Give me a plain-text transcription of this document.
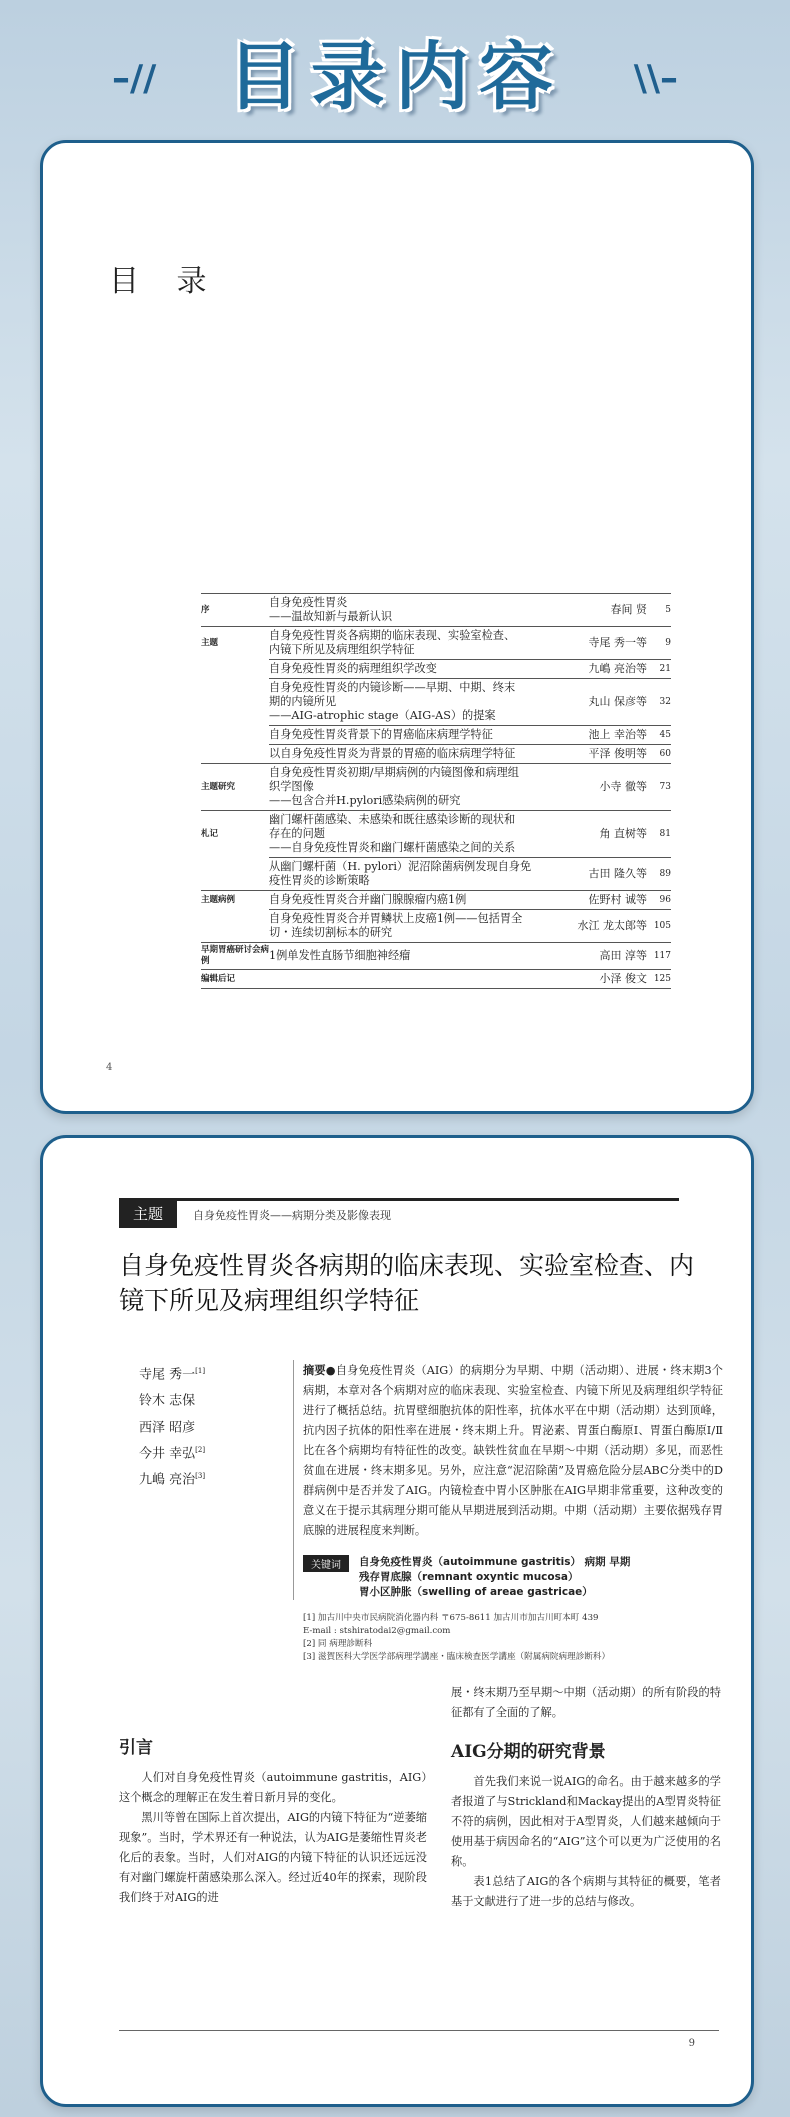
–// 目录内容	\\–
目 录
序	自身免疫性胃炎
——温故知新与最新认识	春间 贤	5
主题	自身免疫性胃炎各病期的临床表现、实验室检查、
内镜下所见及病理组织学特征	寺尾 秀一等	9

	自身免疫性胃炎的病理组织学改变	九嶋 亮治等	21

	自身免疫性胃炎的内镜诊断——早期、中期、终末
期的内镜所见
——AIG-atrophic stage（AIG-AS）的提案	丸山 保彦等	32

	自身免疫性胃炎背景下的胃癌临床病理学特征	池上 幸治等	45

	以自身免疫性胃炎为背景的胃癌的临床病理学特征	平泽 俊明等	60
主题研究	自身免疫性胃炎初期/早期病例的内镜图像和病理组
织学图像
——包含合并H.pylori感染病例的研究	小寺 徹等	73
札记	幽门螺杆菌感染、未感染和既往感染诊断的现状和
存在的问题
——自身免疫性胃炎和幽门螺杆菌感染之间的关系	角 直树等	81

	从幽门螺杆菌（H. pylori）泥沼除菌病例发现自身免
疫性胃炎的诊断策略	古田 隆久等	89
主题病例	自身免疫性胃炎合并幽门腺腺瘤内癌1例	佐野村 诚等	96

	自身免疫性胃炎合并胃鳞状上皮癌1例——包括胃全
切・连续切割标本的研究	水江 龙太郎等	105
早期胃癌研讨会病例	1例单发性直肠节细胞神经瘤	高田 淳等	117
编辑后记		小泽 俊文	125
4
主题	自身免疫性胃炎——病期分类及影像表现
自身免疫性胃炎各病期的临床表现、实验室检查、内镜下所见及病理组织学特征
寺尾 秀一[1]
铃木 志保
西泽 昭彦
今井 幸弘[2]
九嶋 亮治[3]

摘要●自身免疫性胃炎（AIG）的病期分为早期、中期（活动期）、进展・终末期3个病期，本章对各个病期对应的临床表现、实验室检查、内镜下所见及病理组织学特征进行了概括总结。抗胃壁细胞抗体的阳性率，抗体水平在中期（活动期）达到顶峰，抗内因子抗体的阳性率在进展・终末期上升。胃泌素、胃蛋白酶原Ⅰ、胃蛋白酶原Ⅰ/Ⅱ比在各个病期均有特征性的改变。缺铁性贫血在早期～中期（活动期）多见，而恶性贫血在进展・终末期多见。另外，应注意“泥沼除菌”及胃癌危险分层ABC分类中的D群病例中是否并发了AIG。内镜检查中胃小区肿胀在AIG早期非常重要，这种改变的意义在于提示其病理分期可能从早期进展到活动期。中期（活动期）主要依据残存胃底腺的进展程度来判断。

关键词	自身免疫性胃炎（autoimmune gastritis） 病期 早期
残存胃底腺（remnant oxyntic mucosa）
胃小区肿胀（swelling of areae gastricae）
[1] 加古川中央市民病院消化器内科 〒675-8611 加古川市加古川町本町 439
E-mail : stshiratodai2@gmail.com
[2] 同 病理診断科
[3] 滋賀医科大学医学部病理学講座・臨床検査医学講座（附属病院病理診断科）
引言

人们对自身免疫性胃炎（autoimmune gastritis，AIG）这个概念的理解正在发生着日新月异的变化。

黑川等曾在国际上首次提出，AIG的内镜下特征为“逆萎缩现象”。当时，学术界还有一种说法，认为AIG是萎缩性胃炎老化后的表象。当时，人们对AIG的内镜下特征的认识还远远没有对幽门螺旋杆菌感染那么深入。经过近40年的探索，现阶段我们终于对AIG的进

展・终末期乃至早期～中期（活动期）的所有阶段的特征都有了全面的了解。

AIG分期的研究背景

首先我们来说一说AIG的命名。由于越来越多的学者报道了与Strickland和Mackay提出的A型胃炎特征不符的病例，因此相对于A型胃炎，人们越来越倾向于使用基于病因命名的“AIG”这个可以更为广泛使用的名称。

表1总结了AIG的各个病期与其特征的概要，笔者基于文献进行了进一步的总结与修改。

9
